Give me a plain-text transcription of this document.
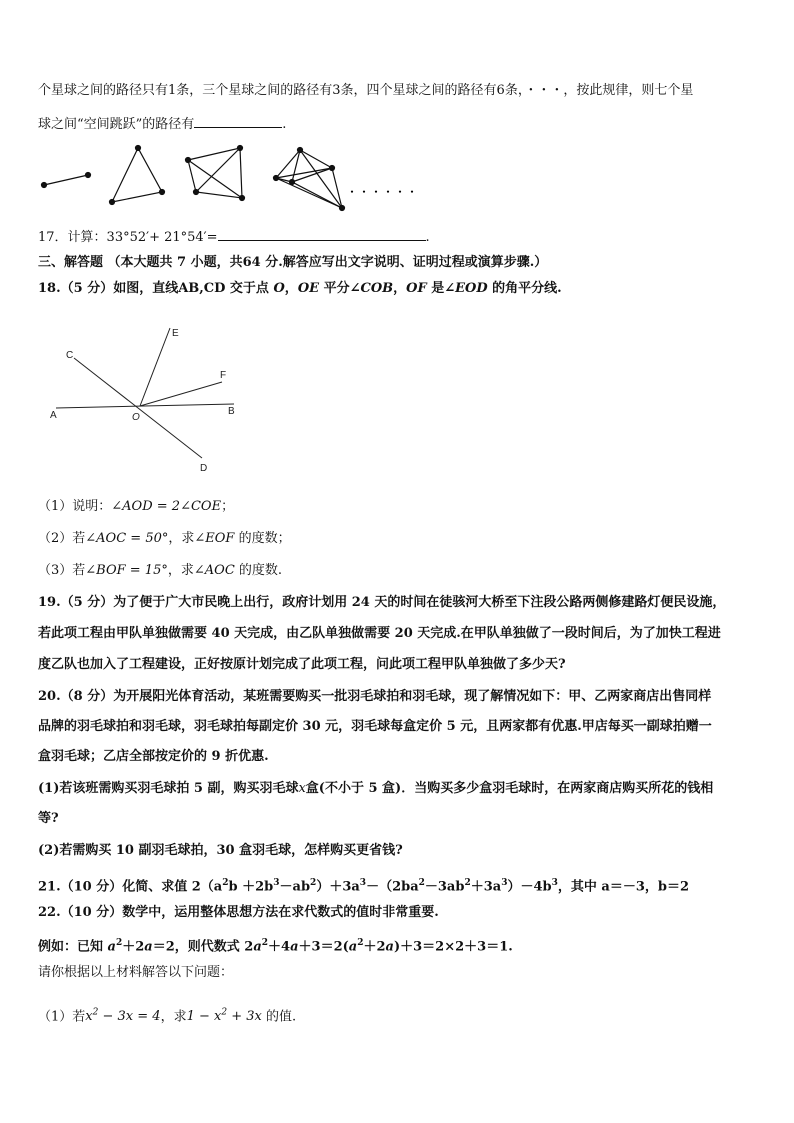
个星球之间的路径只有1条，三个星球之间的路径有3条，四个星球之间的路径有6条，・・・，按此规律，则七个星
球之间“空间跳跃”的路径有	.
・・・・・・
17．计算：33°52′+ 21°54′=	.
三、解答题 （本大题共 7 小题，共64 分.解答应写出文字说明、证明过程或演算步骤.）
18.（5 分）如图，直线AB,CD 交于点 O，OE 平分∠COB，OF 是∠EOD 的角平分线.
A	B
C
D
E
F
O
（1）说明：∠AOD = 2∠COE；
（2）若∠AOC = 50°，求∠EOF 的度数；
（3）若∠BOF = 15°，求∠AOC 的度数.
19.（5 分）为了便于广大市民晚上出行，政府计划用 24 天的时间在徒骇河大桥至下注段公路两侧修建路灯便民设施，
若此项工程由甲队单独做需要 40 天完成，由乙队单独做需要 20 天完成.在甲队单独做了一段时间后，为了加快工程进
度乙队也加入了工程建设，正好按原计划完成了此项工程，问此项工程甲队单独做了多少天?
20.（8 分）为开展阳光体育活动，某班需要购买一批羽毛球拍和羽毛球，现了解情况如下：甲、乙两家商店出售同样
品牌的羽毛球拍和羽毛球，羽毛球拍每副定价 30 元，羽毛球每盒定价 5 元，且两家都有优惠.甲店每买一副球拍赠一
盒羽毛球；乙店全部按定价的 9 折优惠.
(1)若该班需购买羽毛球拍 5 副，购买羽毛球x盒(不小于 5 盒)．当购买多少盒羽毛球时，在两家商店购买所花的钱相
等?
(2)若需购买 10 副羽毛球拍，30 盒羽毛球，怎样购买更省钱?
21.（10 分）化简、求值 $2(a^2b +2b^3-ab^2)+3a^3-(2ba^2-3ab^2+3a^3)-4b^3$，其中 a＝－3，b＝2
22.（10 分）数学中，运用整体思想方法在求代数式的值时非常重要.
例如：已知 $a^2+2a=2$，则代数式 $2a^2+4a+3=2(a^2+2a)+3=2\times 2+3=1$.
请你根据以上材料解答以下问题：
（1）若$x^2 - 3x = 4$，求$1 - x^2 + 3x$ 的值.
